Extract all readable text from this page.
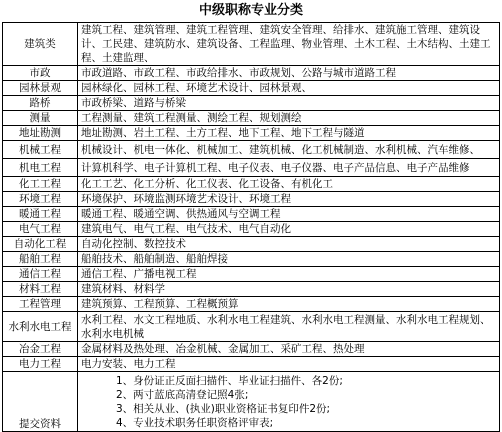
中级职称专业分类
建筑类	建筑工程、建筑管理、建筑工程管理、建筑安全管理、给排水、建筑施工管理、建筑设计、工民建、建筑防水、建筑设备、工程监理、物业管理、土木工程、土木结构、土建工程、土建监理、
市政	市政道路、市政工程、市政给排水、市政规划、公路与城市道路工程
园林景观	园林绿化、园林工程、环境艺术设计、园林景观、
路桥	市政桥梁、道路与桥梁
测量	工程测量、建筑工程测量、测绘工程、规划测绘
地址勘测	地址勘测、岩土工程、土方工程、地下工程、地下工程与隧道
机械工程	机械设计、机电一体化、机械加工、建筑机械、化工机械制造、水利机械、汽车维修、
机电工程	计算机科学、电子计算机工程、电子仪表、电子仪器、电子产品信息、电子产品维修
化工工程	化工工艺、化工分析、化工仪表、化工设备、有机化工
环境工程	环境保护、环境监测环境艺术设计、环境工程
暖通工程	暖通工程、暖通空调、供热通风与空调工程
电气工程	建筑电气、电气工程、电气技术、电气自动化
自动化工程	自动化控制、数控技术
船舶工程	船舶技术、船舶制造、船舶焊接
通信工程	通信工程、广播电视工程
材料工程	建筑材料、材料学
工程管理	建筑预算、工程预算、工程概预算
水利水电工程	水利工程、水文工程地质、水利水电工程建筑、水利水电工程测量、水利水电工程规划、水利水电机械
冶金工程	金属材料及热处理、冶金机械、金属加工、采矿工程、热处理
电力工程	电力安装、电力工程
提交资料	1、身份证正反面扫描件、毕业证扫描件、各2份;
2、两寸蓝底高清登记照4张;
3、相关从业、(执业)职业资格证书复印件2份;
4、专业技术职务任职资格评审表;
